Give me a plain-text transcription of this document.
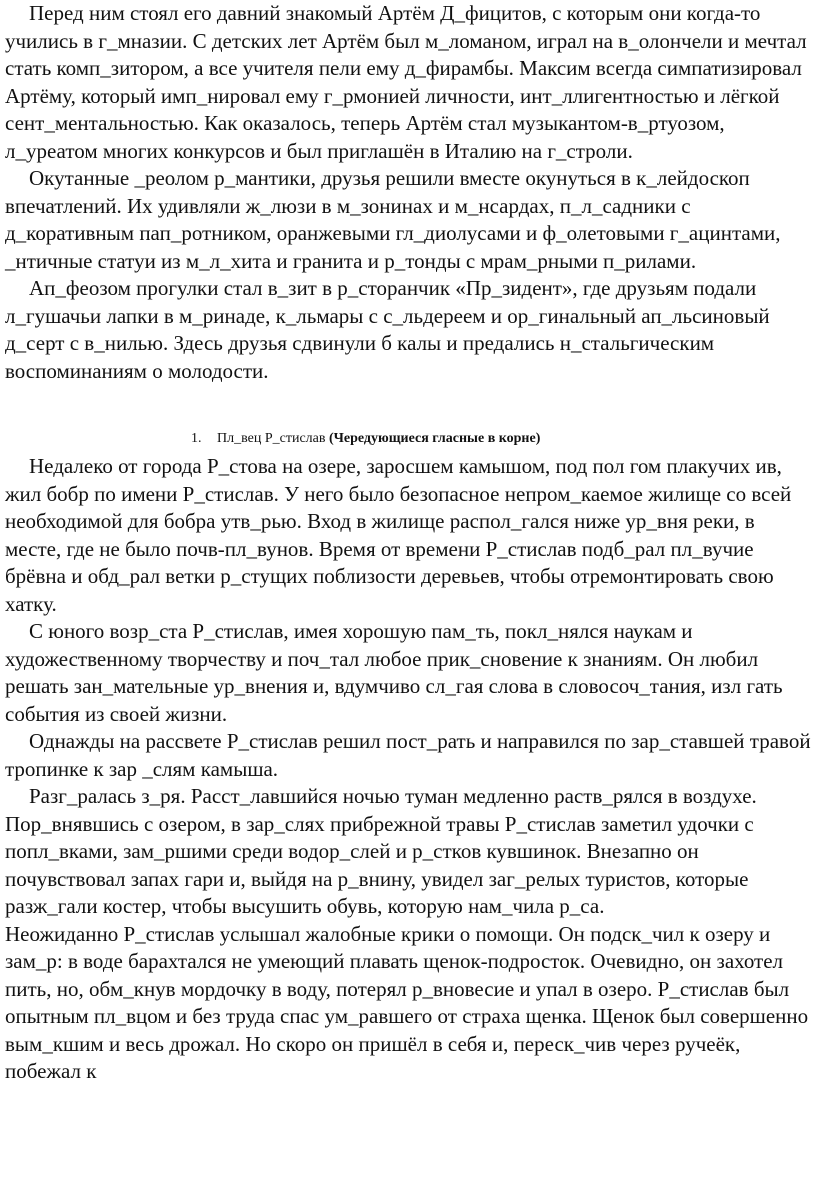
Перед ним стоял его давний знакомый Артём Д_фицитов, с которым они когда-то учились в г_мназии. С детских лет Артём был м_ломаном, играл на в_олончели и мечтал стать комп_зитором, а все учителя пели ему д_фирамбы. Максим всегда симпатизировал Артёму, который имп_нировал ему г_рмонией личности, инт_ллигентностью и лёгкой сент_ментальностью. Как оказалось, теперь Артём стал музыкантом-в_ртуозом, л_уреатом многих конкурсов и был приглашён в Италию на г_строли.

Окутанные _реолом р_мантики, друзья решили вместе окунуться в к_лейдоскоп впечатлений. Их удивляли ж_люзи в м_зонинах и м_нсардах, п_л_садники с д_коративным пап_ротником, оранжевыми гл_диолусами и ф_олетовыми г_ацинтами, _нтичные статуи из м_л_хита и гранита и р_тонды с мрам_рными п_рилами.

Ап_феозом прогулки стал в_зит в р_сторанчик «Пр_зидент», где друзьям подали л_гушачьи лапки в м_ринаде, к_льмары с с_льдереем и ор_гинальный ап_льсиновый д_серт с в_нилью. Здесь друзья сдвинули б калы и предались н_стальгическим воспоминаниям о молодости.

1. Пл_вец Р_стислав (Чередующиеся гласные в корне)

Недалеко от города Р_стова на озере, заросшем камышом, под пол гом плакучих ив, жил бобр по имени Р_стислав. У него было безопасное непром_каемое жилище со всей необходимой для бобра утв_рью. Вход в жилище распол_гался ниже ур_вня реки, в месте, где не было почв-пл_вунов. Время от времени Р_стислав подб_рал пл_вучие брёвна и обд_рал ветки р_стущих поблизости деревьев, чтобы отремонтировать свою хатку.

С юного возр_ста Р_стислав, имея хорошую пам_ть, покл_нялся наукам и художественному творчеству и поч_тал любое прик_сновение к знаниям. Он любил решать зан_мательные ур_внения и, вдумчиво сл_гая слова в словосоч_тания, изл гать события из своей жизни.

Однажды на рассвете Р_стислав решил пост_рать и направился по зар_ставшей травой тропинке к зар _слям камыша.

Разг_ралась з_ря. Расст_лавшийся ночью туман медленно раств_рялся в воздухе. Пор_внявшись с озером, в зар_слях прибрежной травы Р_стислав заметил удочки с попл_вками, зам_ршими среди водор_слей и р_стков кувшинок. Внезапно он почувствовал запах гари и, выйдя на р_внину, увидел заг_релых туристов, которые разж_гали костер, чтобы высушить обувь, которую нам_чила р_са.

Неожиданно Р_стислав услышал жалобные крики о помощи. Он подск_чил к озеру и зам_р: в воде барахтался не умеющий плавать щенок-подросток. Очевидно, он захотел пить, но, обм_кнув мордочку в воду, потерял р_вновесие и упал в озеро. Р_стислав был опытным пл_вцом и без труда спас ум_равшего от страха щенка. Щенок был совершенно вым_кшим и весь дрожал. Но скоро он пришёл в себя и, переск_чив через ручеёк, побежал к
